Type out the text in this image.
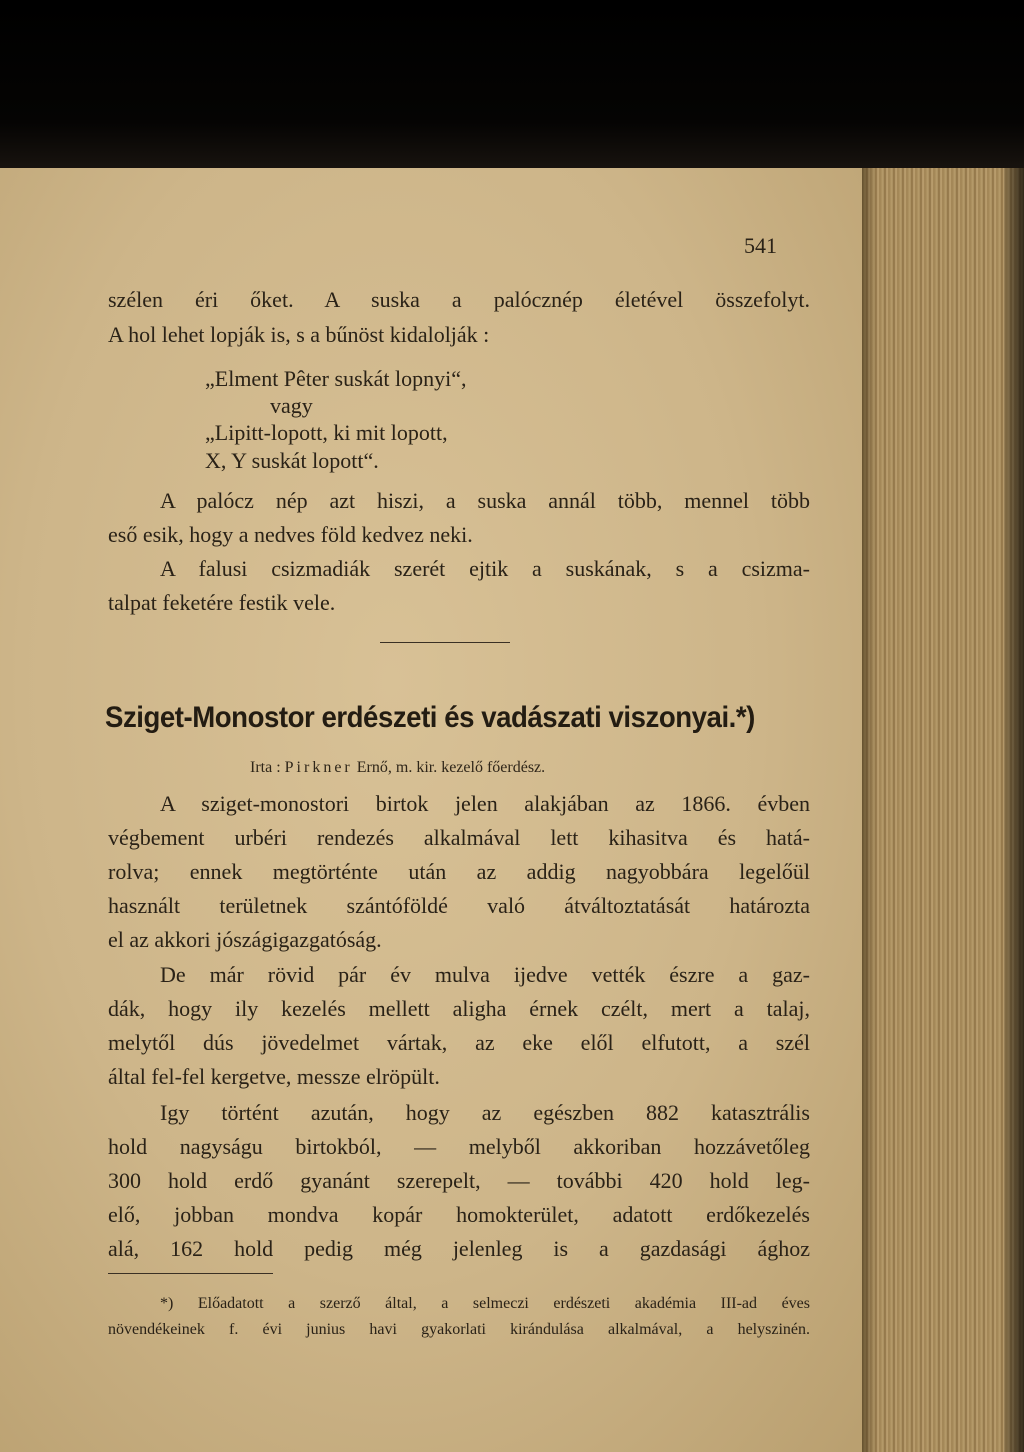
541
szélen éri őket. A suska a palócznép életével összefolyt.
A hol lehet lopják is, s a bűnöst kidalolják :
„Elment Pêter suskát lopnyi“,
vagy
„Lipitt-lopott, ki mit lopott,
X, Y suskát lopott“.
A palócz nép azt hiszi, a suska annál több, mennel több
eső esik, hogy a nedves föld kedvez neki.
A falusi csizmadiák szerét ejtik a suskának, s a csizma-
talpat feketére festik vele.
Sziget-Monostor erdészeti és vadászati viszonyai.*)
Irta : Pirkner Ernő, m. kir. kezelő főerdész.
A sziget-monostori birtok jelen alakjában az 1866. évben
végbement urbéri rendezés alkalmával lett kihasitva és hatá-
rolva; ennek megtörténte után az addig nagyobbára legelőül
használt területnek szántóföldé való átváltoztatását határozta
el az akkori jószágigazgatóság.
De már rövid pár év mulva ijedve vették észre a gaz-
dák, hogy ily kezelés mellett aligha érnek czélt, mert a talaj,
melytől dús jövedelmet vártak, az eke elől elfutott, a szél
által fel-fel kergetve, messze elröpült.
Igy történt azután, hogy az egészben 882 katasztrális
hold nagyságu birtokból, — melyből akkoriban hozzávetőleg
300 hold erdő gyanánt szerepelt, — további 420 hold leg-
elő, jobban mondva kopár homokterület, adatott erdőkezelés
alá, 162 hold pedig még jelenleg is a gazdasági ághoz
*) Előadatott a szerző által, a selmeczi erdészeti akadémia III-ad éves
növendékeinek f. évi junius havi gyakorlati kirándulása alkalmával, a helyszinén.
